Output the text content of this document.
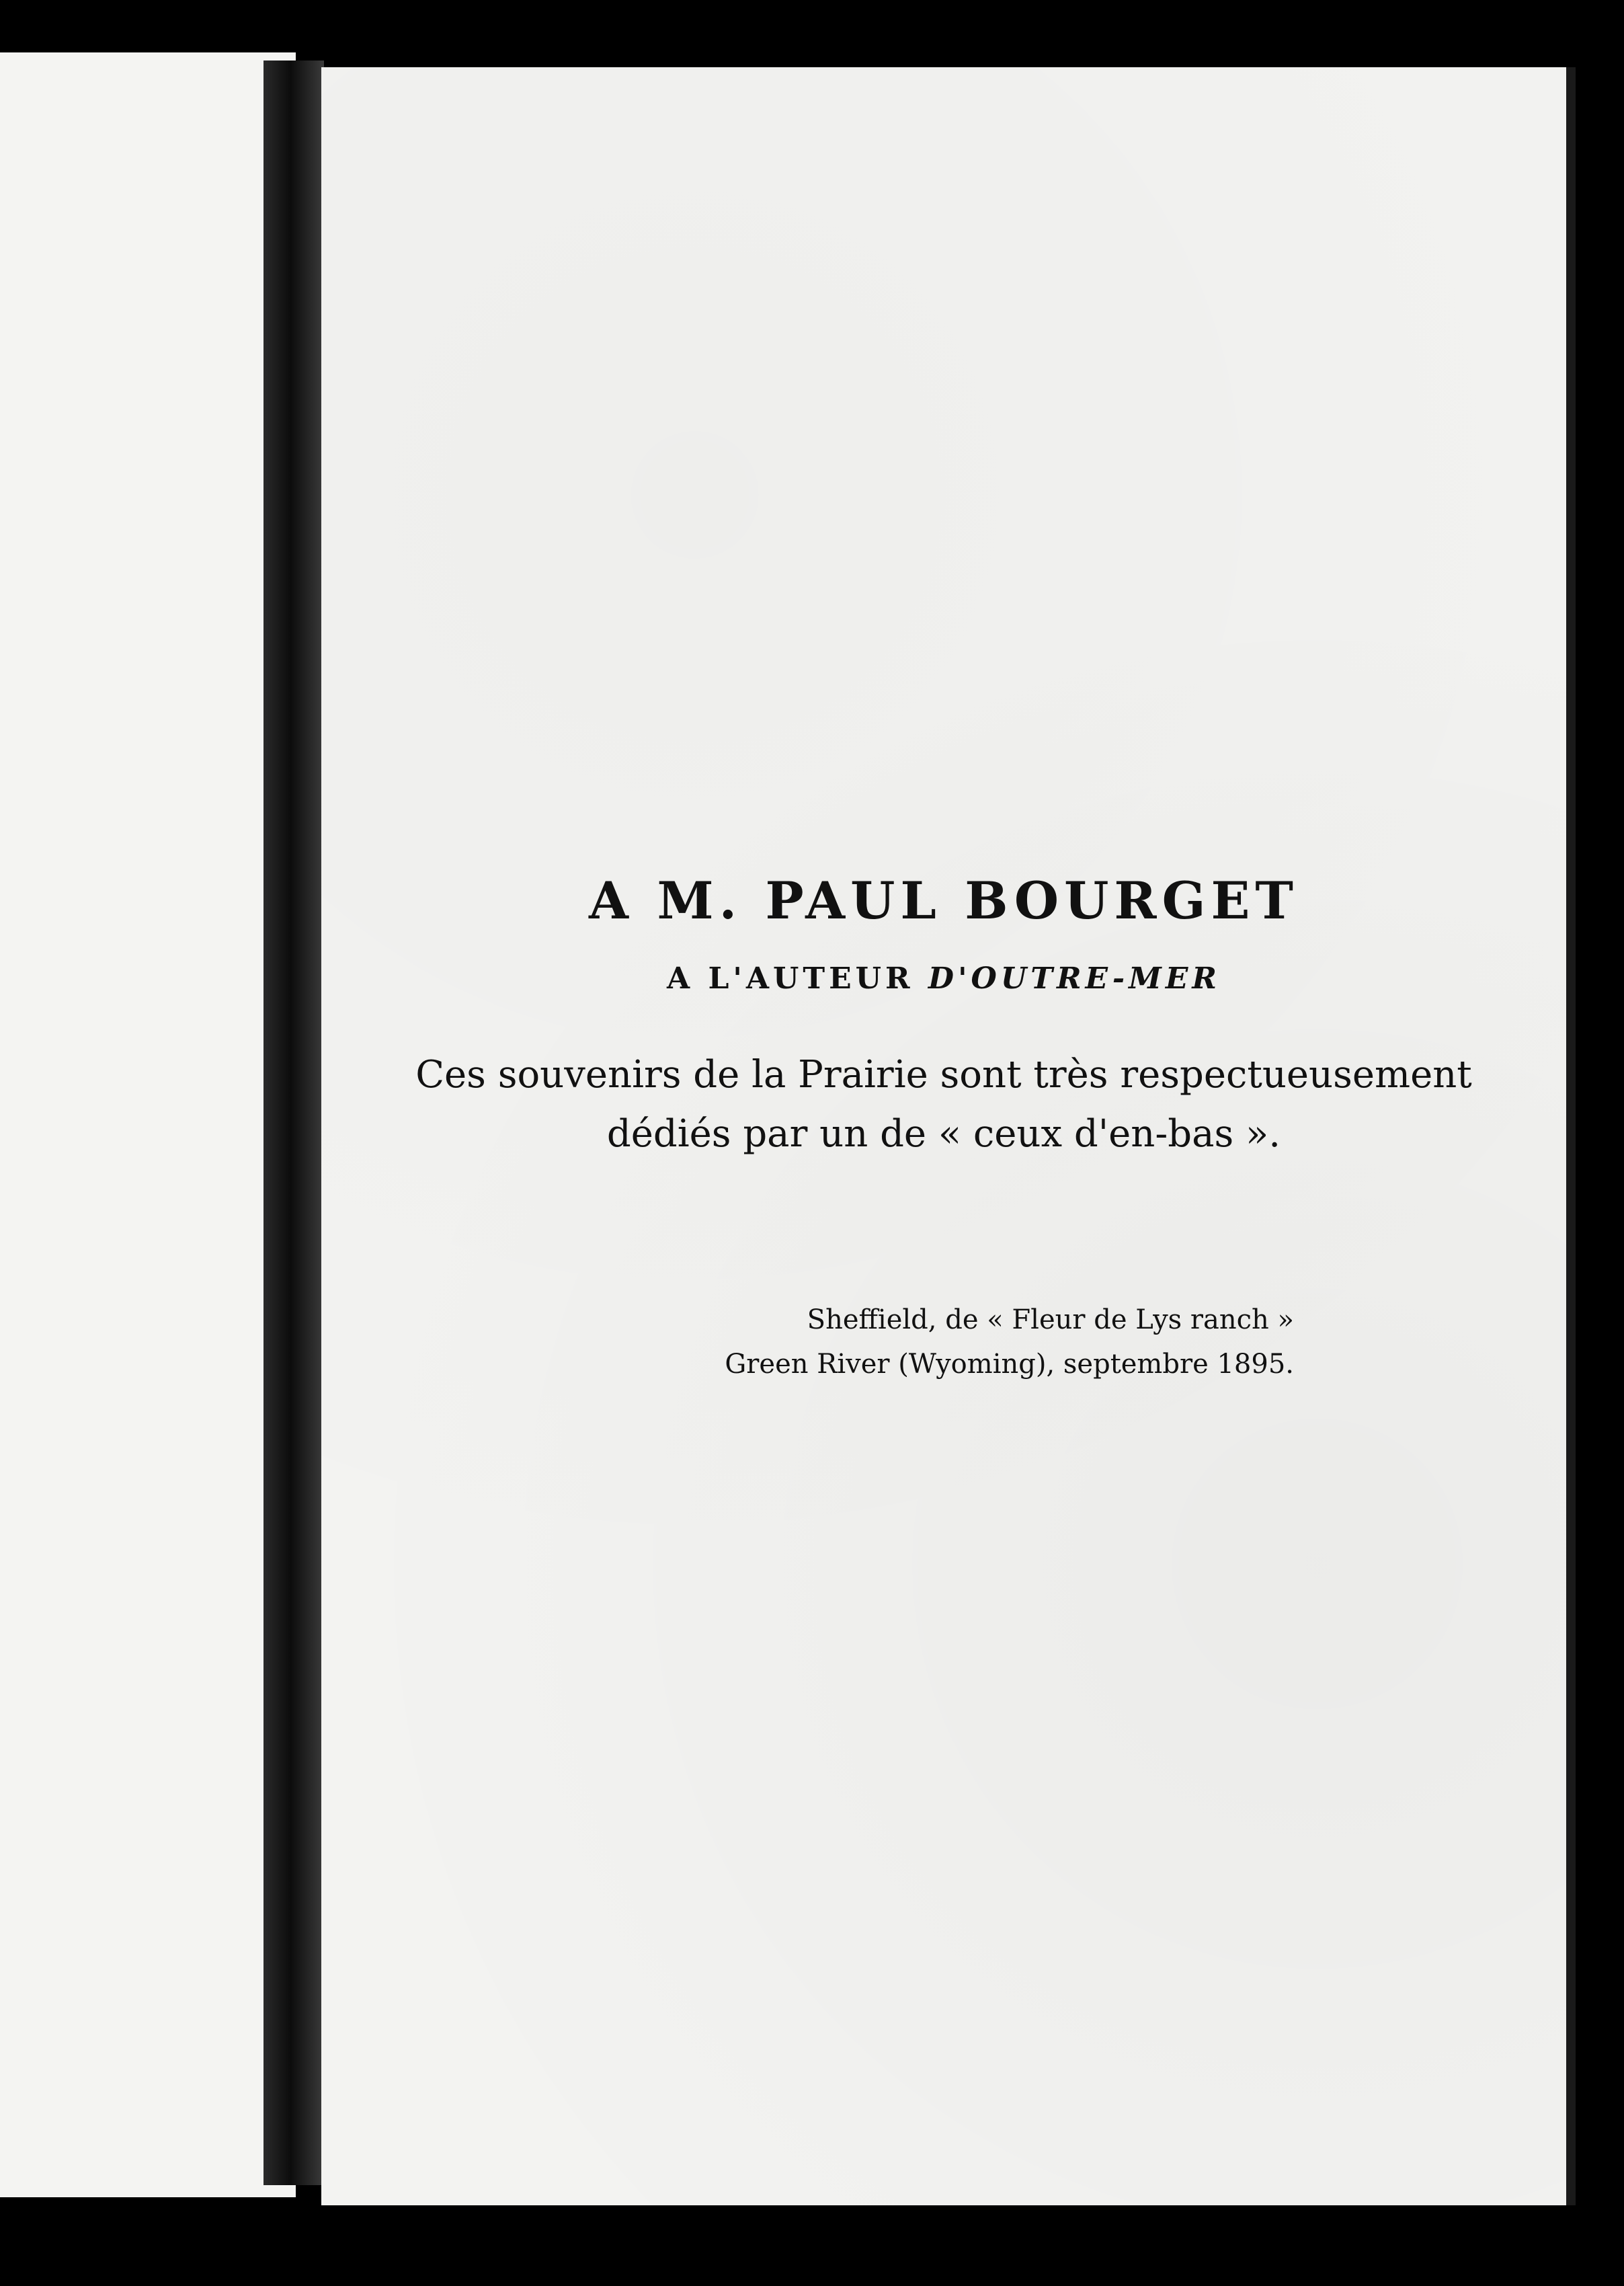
A M. PAUL BOURGET

A L'AUTEUR D'OUTRE-MER

Ces souvenirs de la Prairie sont très respectueusement
dédiés par un de « ceux d'en-bas ».

Sheffield, de « Fleur de Lys ranch »
Green River (Wyoming), septembre 1895.
